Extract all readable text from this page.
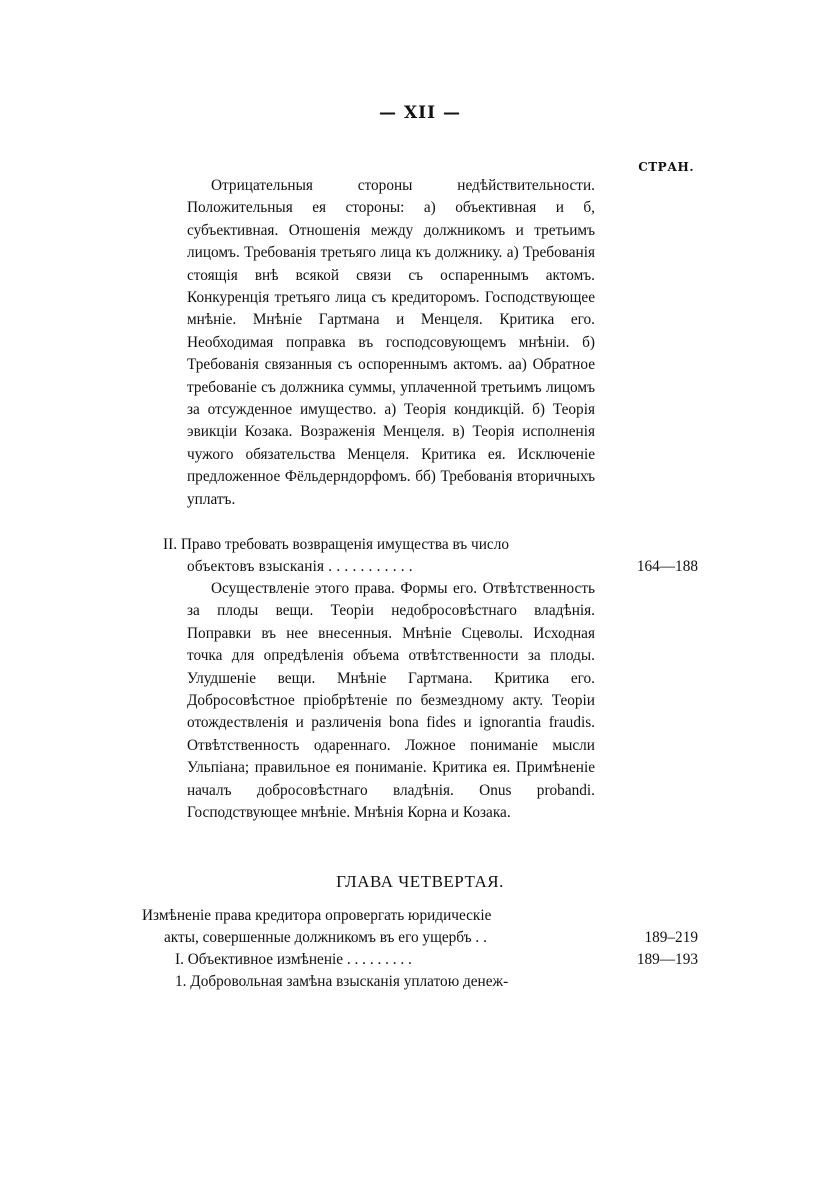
— XII —
СТРАН.
Отрицательныя стороны недѣйствительности. Положительныя ея стороны: а) объективная и б, субъективная. Отношенія между должникомъ и третьимъ лицомъ. Требованія третьяго лица къ должнику. а) Требованія стоящія внѣ всякой связи съ оспареннымъ актомъ. Конкуренція третьяго лица съ кредиторомъ. Господствующее мнѣніе. Мнѣніе Гартмана и Менцеля. Критика его. Необходимая поправка въ господсовующемъ мнѣніи. б) Требованія связанныя съ оспореннымъ актомъ. аа) Обратное требованіе съ должника суммы, уплаченной третьимъ лицомъ за отсужденное имущество. а) Теорія кондикцій. б) Теорія эвикціи Козака. Возраженія Менцеля. в) Теорія исполненія чужого обязательства Менцеля. Критика ея. Исключеніе предложенное Фёльдерндорфомъ. бб) Требованія вторичныхъ уплатъ.
II. Право требовать возвращенія имущества въ число
объектовъ взысканія . . . . . . . . . . .	164—188
Осуществленіе этого права. Формы его. Отвѣтственность за плоды вещи. Теоріи недобросовѣстнаго владѣнія. Поправки въ нее внесенныя. Мнѣніе Сцеволы. Исходная точка для опредѣленія объема отвѣтственности за плоды. Улудшеніе вещи. Мнѣніе Гартмана. Критика его. Добросовѣстное пріобрѣтеніе по безмездному акту. Теоріи отождествленія и различенія bona fides и ignorantia fraudis. Отвѣтственность одареннаго. Ложное пониманіе мысли Ульпіана; правильное ея пониманіе. Критика ея. Примѣненіе началъ добросовѣстнаго владѣнія. Onus probandi. Господствующее мнѣніе. Мнѣнія Корна и Козака.
ГЛАВА ЧЕТВЕРТАЯ.
Измѣненіе права кредитора опровергать юридическіе
акты, совершенные должникомъ въ его ущербъ . .	189–219
I. Объективное измѣненіе . . . . . . . . .	189—193
1. Добровольная замѣна взысканія уплатою денеж-
